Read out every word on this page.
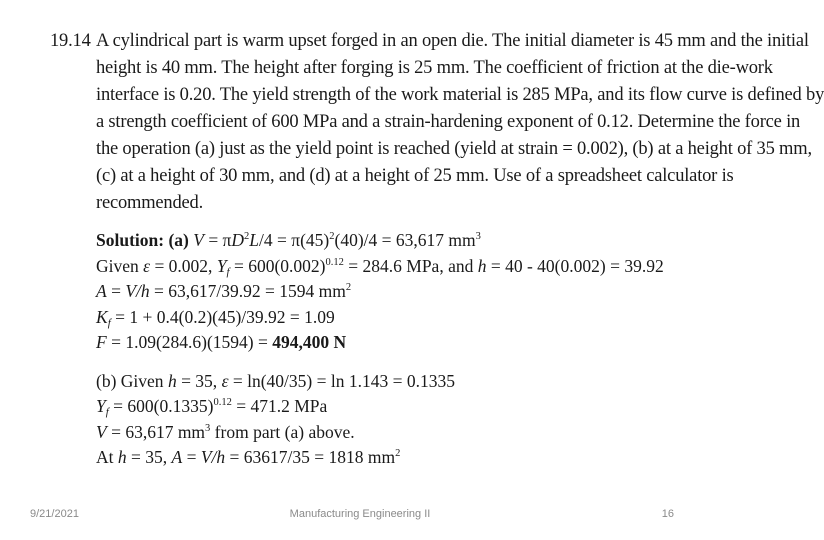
19.14 A cylindrical part is warm upset forged in an open die. The initial diameter is 45 mm and the initial
height is 40 mm. The height after forging is 25 mm. The coefficient of friction at the die-work
interface is 0.20. The yield strength of the work material is 285 MPa, and its flow curve is defined by
a strength coefficient of 600 MPa and a strain-hardening exponent of 0.12. Determine the force in
the operation (a) just as the yield point is reached (yield at strain = 0.002), (b) at a height of 35 mm,
(c) at a height of 30 mm, and (d) at a height of 25 mm. Use of a spreadsheet calculator is
recommended.
Solution: (a) $V = \pi D^2L/4 = \pi(45)^2(40)/4 = 63,617$ $mm^3$
Given ε = 0.002, $Y_f = 600(0.002)^{0.12} = 284.6$ MPa, and h = 40 - 40(0.002) = 39.92
A = V/h = 63,617/39.92 = 1594 $mm^2$
$K_f = 1 + 0.4(0.2)(45)/39.92 = 1.09$
F = 1.09(284.6)(1594) = 494,400 N
(b) Given h = 35, ε = ln(40/35) = ln 1.143 = 0.1335
$Y_f = 600(0.1335)^{0.12} = 471.2$ MPa
V = 63,617 $mm^3$ from part (a) above.
At h = 35, A = V/h = 63617/35 = 1818 $mm^2$
9/21/2021	Manufacturing Engineering II	16
